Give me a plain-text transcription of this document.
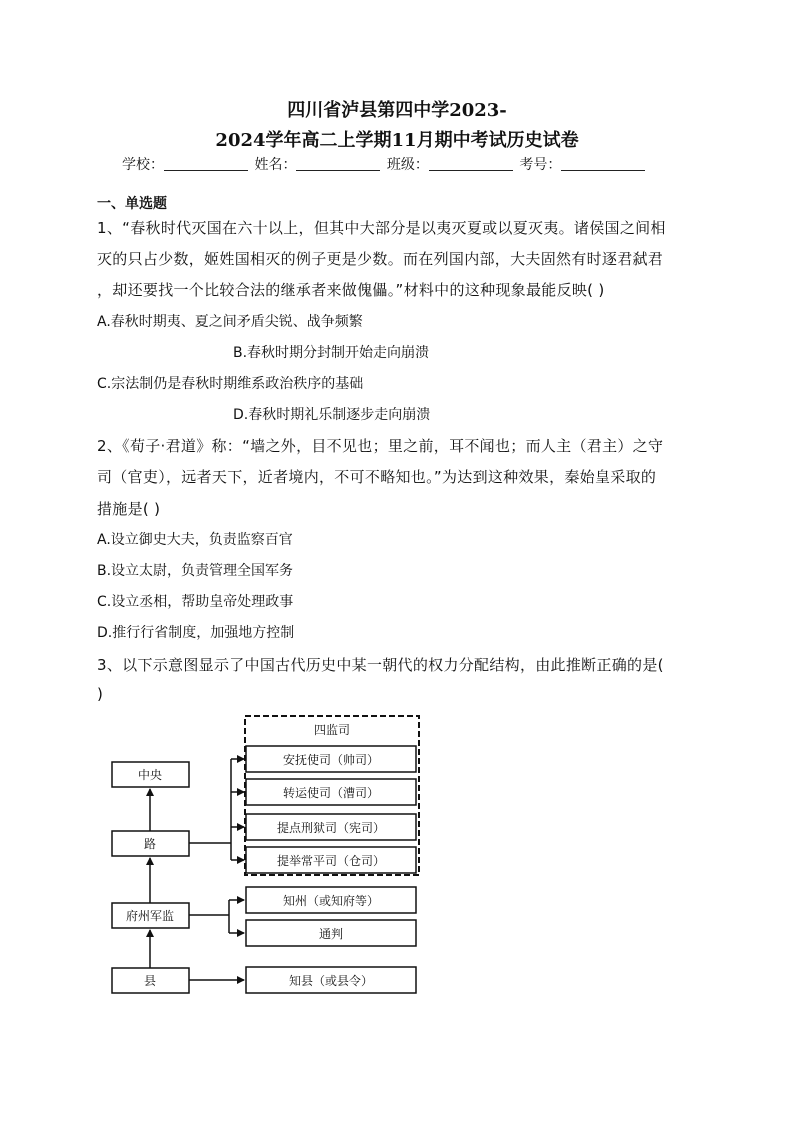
四川省泸县第四中学2023-
2024学年高二上学期11月期中考试历史试卷
学校：	姓名：	班级：	考号：
一、单选题
1、“春秋时代灭国在六十以上，但其中大部分是以夷灭夏或以夏灭夷。诸侯国之间相
灭的只占少数，姬姓国相灭的例子更是少数。而在列国内部，大夫固然有时逐君弑君
，却还要找一个比较合法的继承者来做傀儡。”材料中的这种现象最能反映( )
A.春秋时期夷、夏之间矛盾尖锐、战争频繁
B.春秋时期分封制开始走向崩溃
C.宗法制仍是春秋时期维系政治秩序的基础
D.春秋时期礼乐制逐步走向崩溃
2、《荀子·君道》称：“墙之外，目不见也；里之前，耳不闻也；而人主（君主）之守
司（官吏），远者天下，近者境内，不可不略知也。”为达到这种效果，秦始皇采取的
措施是( )
A.设立御史大夫，负责监察百官
B.设立太尉，负责管理全国军务
C.设立丞相，帮助皇帝处理政事
D.推行行省制度，加强地方控制
3、以下示意图显示了中国古代历史中某一朝代的权力分配结构，由此推断正确的是(
)
四监司
中央
路
府州军监
县
安抚使司（帅司）
转运使司（漕司）
提点刑狱司（宪司）
提举常平司（仓司）
知州（或知府等）
通判
知县（或县令）
